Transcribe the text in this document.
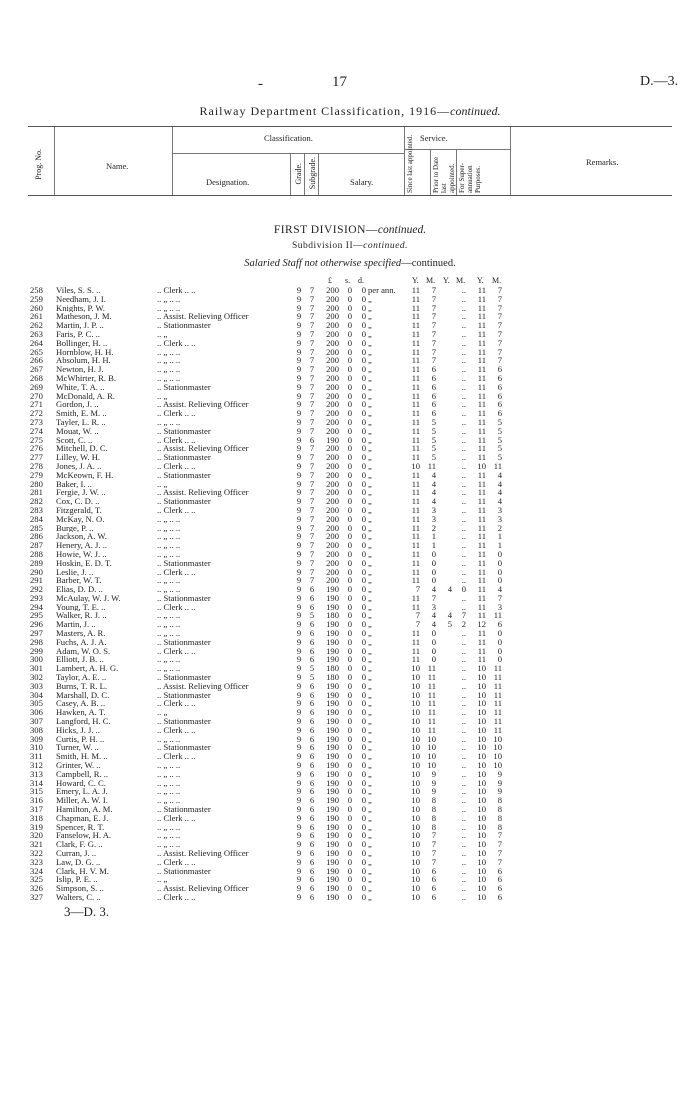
-	17	D.—3.
Railway Department Classification, 1916—continued.
Prog. No.	Name.
Classification.
Designation.	Grade. Subgrade.	Salary.
Service.
Since last appointed.	Prior to Date last appointed. For Super-annuation Purposes.
Remarks.
FIRST DIVISION—continued.
Subdivision II—continued.
Salaried Staff not otherwise specified—continued.
£ s. d.	Y. M. Y. M. Y. M.
258	Viles, S. S. ..	.. Clerk .. ..	9	7	200	0	0 per ann.	11	7	..	11	7
259	Needham, J. I.	.. „ .. ..	9	7	200	0	0 „	11	7	..	11	7
260	Knights, P. W.	.. „ .. ..	9	7	200	0	0 „	11	7	..	11	7
261	Matheson, J. M.	.. Assist. Relieving Officer	9	7	200	0	0 „	11	7	..	11	7
262	Martin, J. P. ..	.. Stationmaster	9	7	200	0	0 „	11	7	..	11	7
263	Faris, P. C. ..	.. „	9	7	200	0	0 „	11	7	..	11	7
264	Bollinger, H. ..	.. Clerk .. ..	9	7	200	0	0 „	11	7	..	11	7
265	Hornblow, H. H.	.. „ .. ..	9	7	200	0	0 „	11	7	..	11	7
266	Absolum, H. H.	.. „ .. ..	9	7	200	0	0 „	11	7	..	11	7
267	Newton, H. J.	.. „ .. ..	9	7	200	0	0 „	11	6	..	11	6
268	McWhirter, R. B.	.. „ .. ..	9	7	200	0	0 „	11	6	..	11	6
269	White, T. A. ..	.. Stationmaster	9	7	200	0	0 „	11	6	..	11	6
270	McDonald, A. R.	.. „	9	7	200	0	0 „	11	6	..	11	6
271	Gordon, J. ..	.. Assist. Relieving Officer	9	7	200	0	0 „	11	6	..	11	6
272	Smith, E. M. ..	.. Clerk .. ..	9	7	200	0	0 „	11	6	..	11	6
273	Tayler, L. R. ..	.. „ .. ..	9	7	200	0	0 „	11	5	..	11	5
274	Mouat, W. ..	.. Stationmaster	9	7	200	0	0 „	11	5	..	11	5
275	Scott, C. ..	.. Clerk .. ..	9	6	190	0	0 „	11	5	..	11	5
276	Mitchell, D. C.	.. Assist. Relieving Officer	9	7	200	0	0 „	11	5	..	11	5
277	Lilley, W. H.	.. Stationmaster	9	7	200	0	0 „	11	5	..	11	5
278	Jones, J. A. ..	.. Clerk .. ..	9	7	200	0	0 „	10 11	..	10 11
279	McKeown, F. H.	.. Stationmaster	9	7	200	0	0 „	11	4	..	11	4
280	Baker, I. ..	.. „	9	7	200	0	0 „	11	4	..	11	4
281	Fergie, J. W. ..	.. Assist. Relieving Officer	9	7	200	0	0 „	11	4	..	11	4
282	Cox, C. D. ..	.. Stationmaster	9	7	200	0	0 „	11	4	..	11	4
283	Fitzgerald, T.	.. Clerk .. ..	9	7	200	0	0 „	11	3	..	11	3
284	McKay, N. O.	.. „ .. ..	9	7	200	0	0 „	11	3	..	11	3
285	Burge, P. ..	.. „ .. ..	9	7	200	0	0 „	11	2	..	11	2
286	Jackson, A. W.	.. „ .. ..	9	7	200	0	0 „	11	1	..	11	1
287	Henery, A. J. ..	.. „ .. ..	9	7	200	0	0 „	11	1	..	11	1
288	Howie, W. J. ..	.. „ .. ..	9	7	200	0	0 „	11	0	..	11	0
289	Hoskin, E. D. T.	.. Stationmaster	9	7	200	0	0 „	11	0	..	11	0
290	Leslie, J. ..	.. Clerk .. ..	9	7	200	0	0 „	11	0	..	11	0
291	Barber, W. T.	.. „ .. ..	9	7	200	0	0 „	11	0	..	11	0
292	Elias, D. D. ..	.. „ .. ..	9	6	190	0	0 „	7	4	4	0	11	4
293	McAulay, W. J. W.	.. Stationmaster	9	6	190	0	0 „	11	7	..	11	7
294	Young, T. E. ..	.. Clerk .. ..	9	6	190	0	0 „	11	3	..	11	3
295	Walker, R. J. ..	.. „ .. ..	9	5	180	0	0 „	7	4	4	7	11 11
296	Martin, J. ..	.. „ .. ..	9	6	190	0	0 „	7	4	5	2	12	6
297	Masters, A. R.	.. „ .. ..	9	6	190	0	0 „	11	0	..	11	0
298	Fuchs, A. J. A.	.. Stationmaster	9	6	190	0	0 „	11	0	..	11	0
299	Adam, W. O. S.	.. Clerk .. ..	9	6	190	0	0 „	11	0	..	11	0
300	Elliott, J. B. ..	.. „ .. ..	9	6	190	0	0 „	11	0	..	11	0
301	Lambert, A. H. G.	.. „ .. ..	9	5	180	0	0 „	10 11	..	10 11
302	Taylor, A. E. ..	.. Stationmaster	9	5	180	0	0 „	10 11	..	10 11
303	Burns, T. R. L.	.. Assist. Relieving Officer	9	6	190	0	0 „	10 11	..	10 11
304	Marshall, D. C.	.. Stationmaster	9	6	190	0	0 „	10 11	..	10 11
305	Casey, A. B. ..	.. Clerk .. ..	9	6	190	0	0 „	10 11	..	10 11
306	Hawken, A. T.	.. „	9	6	190	0	0 „	10 11	..	10 11
307	Langford, H. C.	.. Stationmaster	9	6	190	0	0 „	10 11	..	10 11
308	Hicks, J. J. ..	.. Clerk .. ..	9	6	190	0	0 „	10 11	..	10 11
309	Curtis, P. H. ..	.. „ .. ..	9	6	190	0	0 „	10 10	..	10 10
310	Turner, W. ..	.. Stationmaster	9	6	190	0	0 „	10 10	..	10 10
311	Smith, H. M. ..	.. Clerk .. ..	9	6	190	0	0 „	10 10	..	10 10
312	Grinter, W. ..	.. „ .. ..	9	6	190	0	0 „	10 10	..	10 10
313	Campbell, R. ..	.. „ .. ..	9	6	190	0	0 „	10	9	..	10	9
314	Howard, C. C.	.. „ .. ..	9	6	190	0	0 „	10	9	..	10	9
315	Emery, L. A. J.	.. „ .. ..	9	6	190	0	0 „	10	9	..	10	9
316	Miller, A. W. I.	.. „ .. ..	9	6	190	0	0 „	10	8	..	10	8
317	Hamilton, A. M.	.. Stationmaster	9	6	190	0	0 „	10	8	..	10	8
318	Chapman, E. J.	.. Clerk .. ..	9	6	190	0	0 „	10	8	..	10	8
319	Spencer, R. T.	.. „ .. ..	9	6	190	0	0 „	10	8	..	10	8
320	Fanselow, H. A.	.. „ .. ..	9	6	190	0	0 „	10	7	..	10	7
321	Clark, F. G. ..	.. „ .. ..	9	6	190	0	0 „	10	7	..	10	7
322	Curran, J. ..	.. Assist. Relieving Officer	9	6	190	0	0 „	10	7	..	10	7
323	Law, D. G. ..	.. Clerk .. ..	9	6	190	0	0 „	10	7	..	10	7
324	Clark, H. V. M.	.. Stationmaster	9	6	190	0	0 „	10	6	..	10	6
325	Islip, P. E. ..	.. „	9	6	190	0	0 „	10	6	..	10	6
326	Simpson, S. ..	.. Assist. Relieving Officer	9	6	190	0	0 „	10	6	..	10	6
327	Walters, C. ..	.. Clerk .. ..	9	6	190	0	0 „	10	6	..	10	6
3—D. 3.
